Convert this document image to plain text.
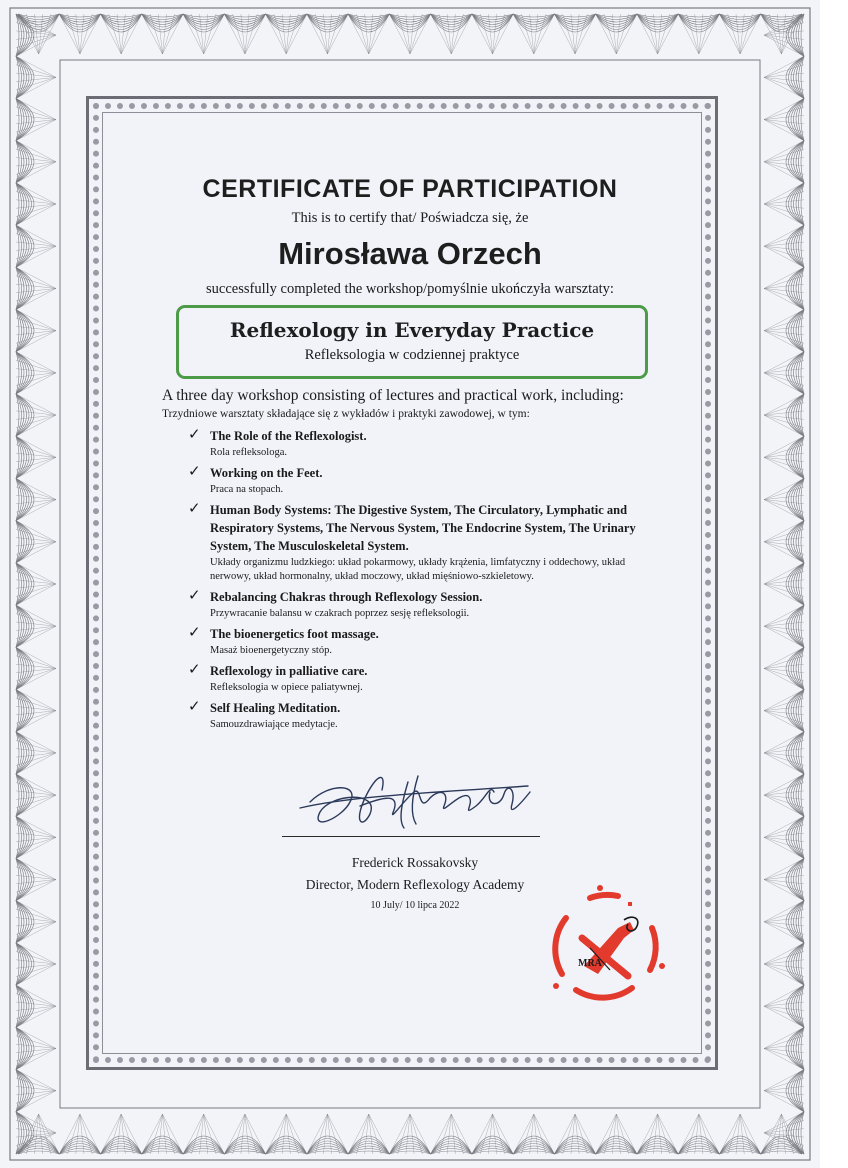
CERTIFICATE OF PARTICIPATION
This is to certify that/ Poświadcza się, że
Mirosława Orzech
successfully completed the workshop/pomyślnie ukończyła warsztaty:
Reflexology in Everyday Practice
Refleksologia w codziennej praktyce
A three day workshop consisting of lectures and practical work, including:
Trzydniowe warsztaty składające się z wykładów i praktyki zawodowej, w tym:
✓ The Role of the Reflexologist.
Rola refleksologa.
✓ Working on the Feet.
Praca na stopach.
✓ Human Body Systems: The Digestive System, The Circulatory, Lymphatic and Respiratory Systems, The Nervous System, The Endocrine System, The Urinary System, The Musculoskeletal System.
Układy organizmu ludzkiego: układ pokarmowy, układy krążenia, limfatyczny i oddechowy, układ nerwowy, układ hormonalny, układ moczowy, układ mięśniowo-szkieletowy.
✓ Rebalancing Chakras through Reflexology Session.
Przywracanie balansu w czakrach poprzez sesję refleksologii.
✓ The bioenergetics foot massage.
Masaż bioenergetyczny stóp.
✓ Reflexology in palliative care.
Refleksologia w opiece paliatywnej.
✓ Self Healing Meditation.
Samouzdrawiające medytacje.
Frederick Rossakovsky
Director, Modern Reflexology Academy
10 July/ 10 lipca 2022
MRA
